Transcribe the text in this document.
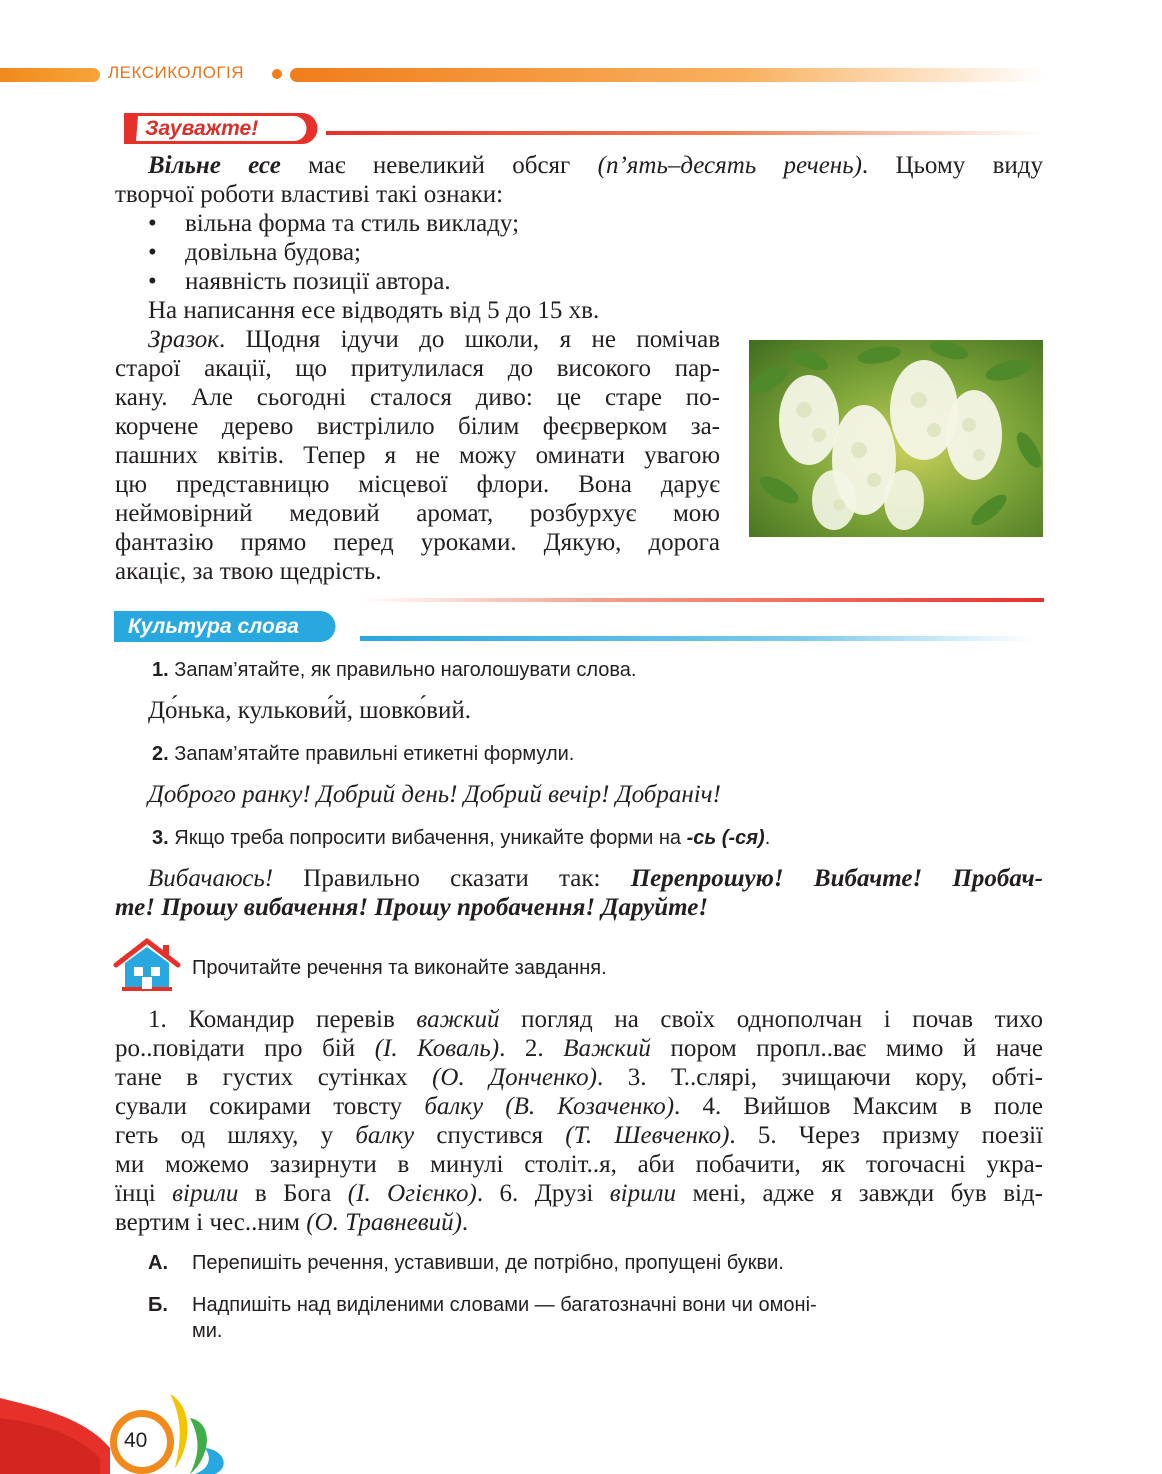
ЛЕКСИКОЛОГІЯ
Зауважте!
Вільне есе має невеликий обсяг (п’ять–десять речень). Цьому виду
творчої роботи властиві такі ознаки:
• вільна форма та стиль викладу;
• довільна будова;
• наявність позиції автора.
На написання есе відводять від 5 до 15 хв.
Зразок. Щодня ідучи до школи, я не помічав
старої акації, що притулилася до високого пар-
кану. Але сьогодні сталося диво: це старе по-
корчене дерево вистрілило білим феєрверком за-
пашних квітів. Тепер я не можу оминати увагою
цю представницю місцевої флори. Вона дарує
неймовірний медовий аромат, розбурхує мою
фантазію прямо перед уроками. Дякую, дорога
акаціє, за твою щедрість.
Культура слова
1. Запам’ятайте, як правильно наголошувати слова.
До́нька, кулькови́й, шовко́вий.
2. Запам’ятайте правильні етикетні формули.
Доброго ранку! Добрий день! Добрий вечір! Добраніч!
3. Якщо треба попросити вибачення, уникайте форми на -сь (-ся).
Вибачаюсь! Правильно сказати так: Перепрошую! Вибачте! Пробач-
те! Прошу вибачення! Прошу пробачення! Даруйте!
Прочитайте речення та виконайте завдання.
1. Командир перевів важкий погляд на своїх однополчан і почав тихо
ро..повідати про бій (І. Коваль). 2. Важкий пором пропл..ває мимо й наче
тане в густих сутінках (О. Донченко). 3. Т..слярі, зчищаючи кору, обті-
сували сокирами товсту балку (В. Козаченко). 4. Вийшов Максим в поле
геть од шляху, у балку спустився (Т. Шевченко). 5. Через призму поезії
ми можемо зазирнути в минулі століт..я, аби побачити, як тогочасні укра-
їнці вірили в Бога (І. Огієнко). 6. Друзі вірили мені, адже я завжди був від-
вертим і чес..ним (О. Травневий).
А. Перепишіть речення, уставивши, де потрібно, пропущені букви.
Б. Надпишіть над виділеними словами — багатозначні вони чи омоні-
ми.
40
